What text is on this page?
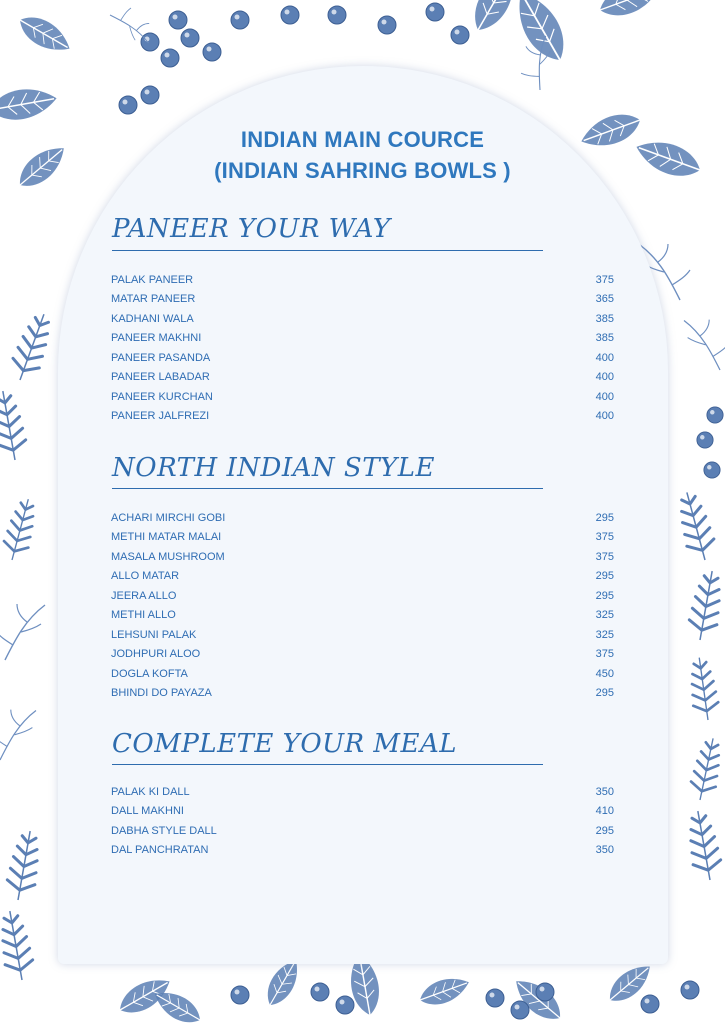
INDIAN MAIN COURCE
(INDIAN SAHRING BOWLS )
PANEER YOUR WAY
PALAK PANEER	375
MATAR PANEER	365
KADHANI WALA	385
PANEER MAKHNI	385
PANEER PASANDA	400
PANEER LABADAR	400
PANEER KURCHAN	400
PANEER JALFREZI	400
NORTH INDIAN STYLE
ACHARI MIRCHI GOBI	295
METHI MATAR MALAI	375
MASALA MUSHROOM	375
ALLO MATAR	295
JEERA ALLO	295
METHI ALLO	325
LEHSUNI PALAK	325
JODHPURI ALOO	375
DOGLA KOFTA	450
BHINDI DO PAYAZA	295
COMPLETE YOUR MEAL
PALAK KI DALL	350
DALL MAKHNI	410
DABHA STYLE DALL	295
DAL PANCHRATAN	350
